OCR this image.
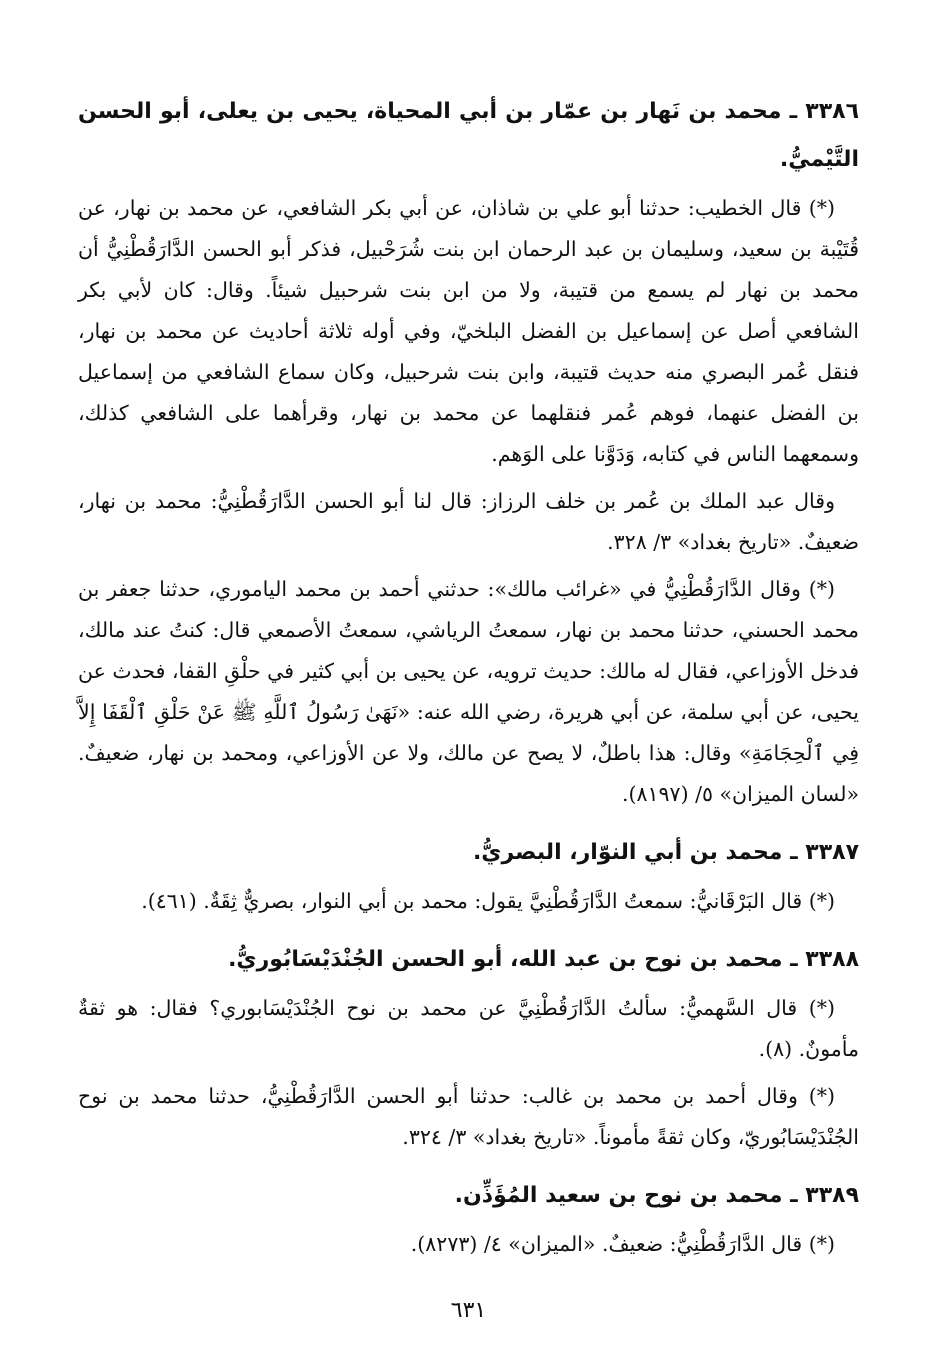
٣٣٨٦ ـ محمد بن نَهار بن عمّار بن أبي المحياة، يحيى بن يعلى، أبو الحسن التَّيْميُّ.

(*) قال الخطيب: حدثنا أبو علي بن شاذان، عن أبي بكر الشافعي، عن محمد بن نهار، عن قُتَيْبة بن سعيد، وسليمان بن عبد الرحمان ابن بنت شُرَحْبيل، فذكر أبو الحسن الدَّارَقُطْنِيُّ أن محمد بن نهار لم يسمع من قتيبة، ولا من ابن بنت شرحبيل شيئاً. وقال: كان لأبي بكر الشافعي أصل عن إسماعيل بن الفضل البلخيّ، وفي أوله ثلاثة أحاديث عن محمد بن نهار، فنقل عُمر البصري منه حديث قتيبة، وابن بنت شرحبيل، وكان سماع الشافعي من إسماعيل بن الفضل عنهما، فوهم عُمر فنقلهما عن محمد بن نهار، وقرأهما على الشافعي كذلك، وسمعهما الناس في كتابه، وَدَوَّنا على الوَهم.

وقال عبد الملك بن عُمر بن خلف الرزاز: قال لنا أبو الحسن الدَّارَقُطْنِيُّ: محمد بن نهار، ضعيفٌ. «تاريخ بغداد» ٣/ ٣٢٨.

(*) وقال الدَّارَقُطْنِيُّ في «غرائب مالك»: حدثني أحمد بن محمد الياموري، حدثنا جعفر بن محمد الحسني، حدثنا محمد بن نهار، سمعتُ الرياشي، سمعتُ الأصمعي قال: كنتُ عند مالك، فدخل الأوزاعي، فقال له مالك: حديث ترويه، عن يحيى بن أبي كثير في حلْقِ القفا، فحدث عن يحيى، عن أبي سلمة، عن أبي هريرة، رضي الله عنه: «نَهَىٰ رَسُولُ ٱللَّهِ ﷺ عَنْ حَلْقِ ٱلْقَفَا إِلاَّ فِي ٱلْحِجَامَةِ» وقال: هذا باطلٌ، لا يصح عن مالك، ولا عن الأوزاعي، ومحمد بن نهار، ضعيفٌ. «لسان الميزان» ٥/ (٨١٩٧).

٣٣٨٧ ـ محمد بن أبي النوّار، البصريُّ.

(*) قال البَرْقَانيُّ: سمعتُ الدَّارَقُطْنِيَّ يقول: محمد بن أبي النوار، بصريٌّ ثِقَةٌ. (٤٦١).

٣٣٨٨ ـ محمد بن نوح بن عبد الله، أبو الحسن الجُنْدَيْسَابُوريُّ.

(*) قال السَّهميُّ: سألتُ الدَّارَقُطْنِيَّ عن محمد بن نوح الجُنْدَيْسَابوري؟ فقال: هو ثقةٌ مأمونٌ. (٨).

(*) وقال أحمد بن محمد بن غالب: حدثنا أبو الحسن الدَّارَقُطْنِيُّ، حدثنا محمد بن نوح الجُنْدَيْسَابُوريّ، وكان ثقةً مأموناً. «تاريخ بغداد» ٣/ ٣٢٤.

٣٣٨٩ ـ محمد بن نوح بن سعيد المُؤَذِّن.

(*) قال الدَّارَقُطْنِيُّ: ضعيفٌ. «الميزان» ٤/ (٨٢٧٣).

٦٣١
